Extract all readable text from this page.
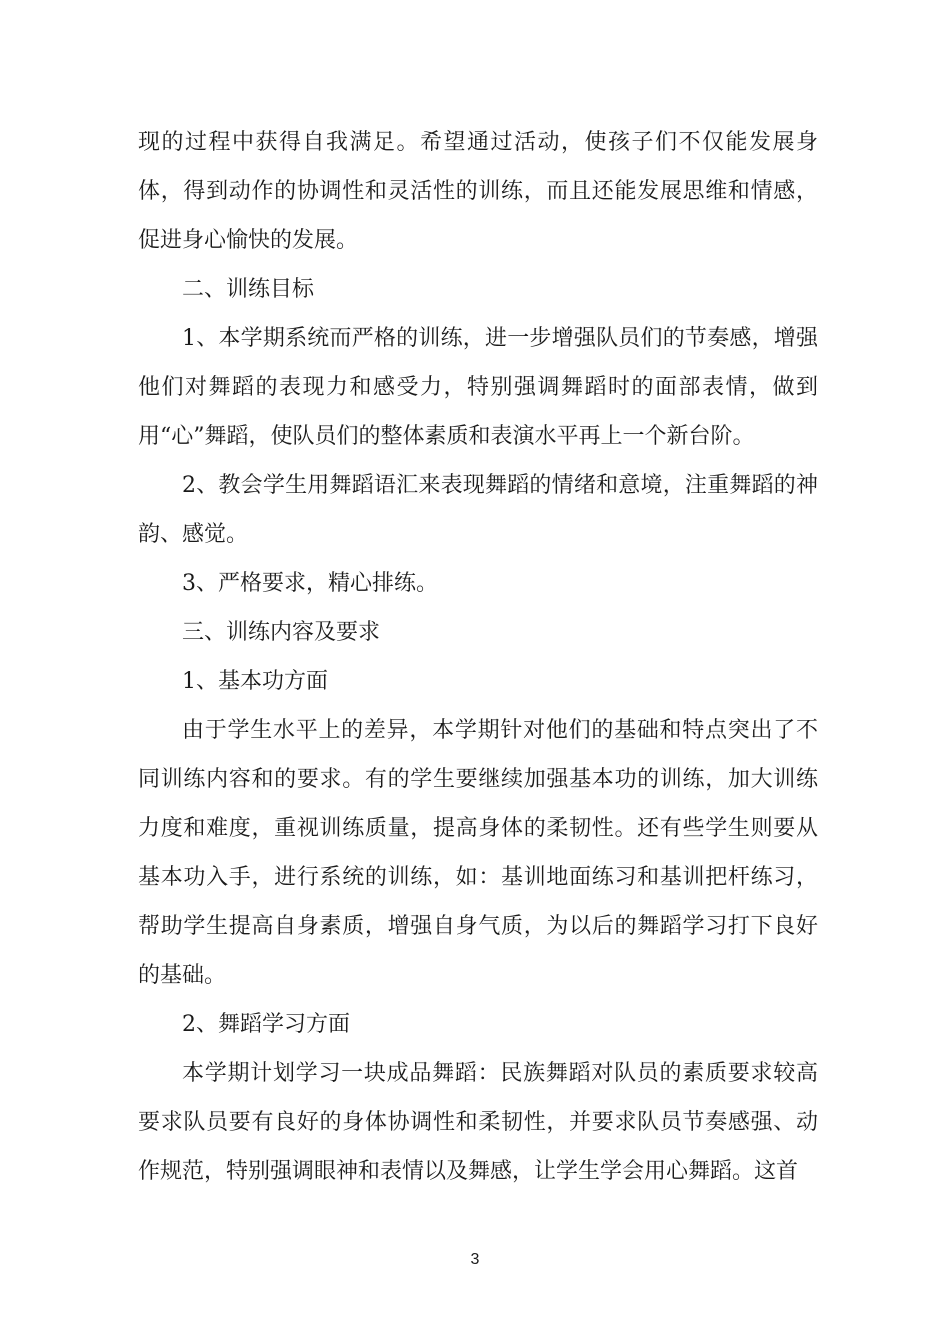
现的过程中获得自我满足。希望通过活动，使孩子们不仅能发展身体，得到动作的协调性和灵活性的训练，而且还能发展思维和情感，促进身心愉快的发展。

二、训练目标

1、本学期系统而严格的训练，进一步增强队员们的节奏感，增强他们对舞蹈的表现力和感受力，特别强调舞蹈时的面部表情，做到用“心”舞蹈，使队员们的整体素质和表演水平再上一个新台阶。

2、教会学生用舞蹈语汇来表现舞蹈的情绪和意境，注重舞蹈的神韵、感觉。

3、严格要求，精心排练。

三、训练内容及要求

1、基本功方面

由于学生水平上的差异，本学期针对他们的基础和特点突出了不同训练内容和的要求。有的学生要继续加强基本功的训练，加大训练力度和难度，重视训练质量，提高身体的柔韧性。还有些学生则要从基本功入手，进行系统的训练，如：基训地面练习和基训把杆练习，帮助学生提高自身素质，增强自身气质，为以后的舞蹈学习打下良好的基础。

2、舞蹈学习方面

本学期计划学习一块成品舞蹈：民族舞蹈对队员的素质要求较高要求队员要有良好的身体协调性和柔韧性，并要求队员节奏感强、动作规范，特别强调眼神和表情以及舞感，让学生学会用心舞蹈。这首

3
